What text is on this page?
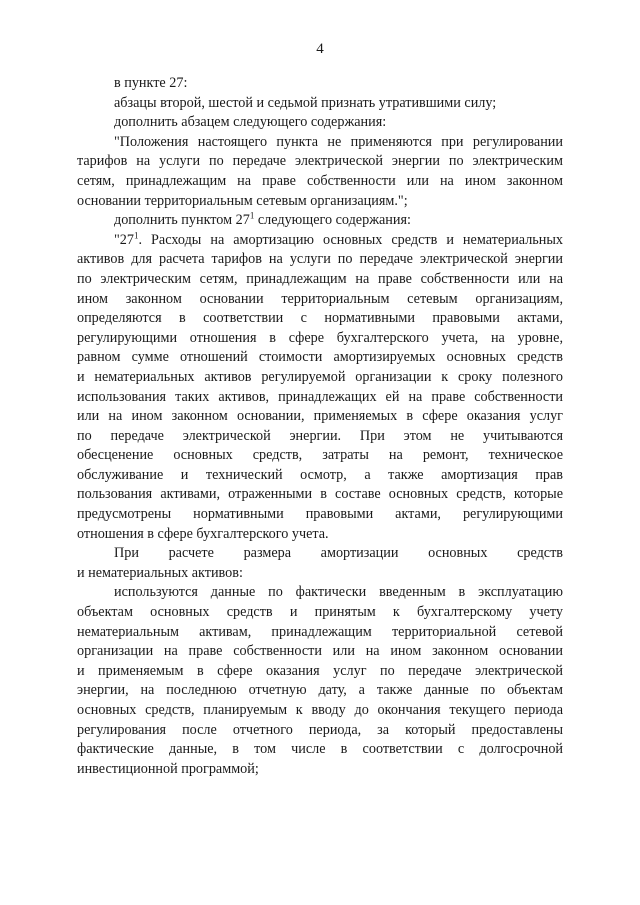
4
в пункте 27:
абзацы второй, шестой и седьмой признать утратившими силу;
дополнить абзацем следующего содержания:
"Положения настоящего пункта не применяются при регулировании
тарифов на услуги по передаче электрической энергии по электрическим
сетям, принадлежащим на праве собственности или на ином законном
основании территориальным сетевым организациям.";
дополнить пунктом $27^1$ следующего содержания:
"$27^1$. Расходы на амортизацию основных средств и нематериальных
активов для расчета тарифов на услуги по передаче электрической энергии
по электрическим сетям, принадлежащим на праве собственности или на
ином законном основании территориальным сетевым организациям,
определяются в соответствии с нормативными правовыми актами,
регулирующими отношения в сфере бухгалтерского учета, на уровне,
равном сумме отношений стоимости амортизируемых основных средств
и нематериальных активов регулируемой организации к сроку полезного
использования таких активов, принадлежащих ей на праве собственности
или на ином законном основании, применяемых в сфере оказания услуг
по передаче электрической энергии. При этом не учитываются
обесценение основных средств, затраты на ремонт, техническое
обслуживание и технический осмотр, а также амортизация прав
пользования активами, отраженными в составе основных средств, которые
предусмотрены нормативными правовыми актами, регулирующими
отношения в сфере бухгалтерского учета.
При расчете размера амортизации основных средств
и нематериальных активов:
используются данные по фактически введенным в эксплуатацию
объектам основных средств и принятым к бухгалтерскому учету
нематериальным активам, принадлежащим территориальной сетевой
организации на праве собственности или на ином законном основании
и применяемым в сфере оказания услуг по передаче электрической
энергии, на последнюю отчетную дату, а также данные по объектам
основных средств, планируемым к вводу до окончания текущего периода
регулирования после отчетного периода, за который предоставлены
фактические данные, в том числе в соответствии с долгосрочной
инвестиционной программой;
